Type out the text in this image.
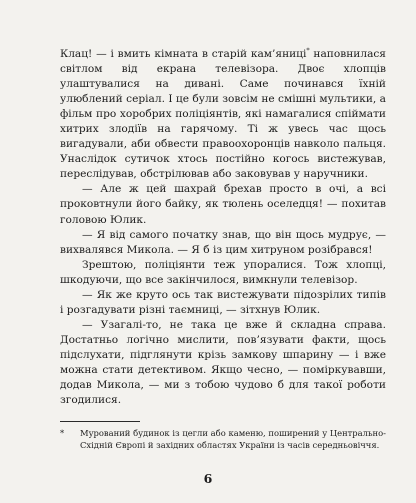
Клац! — і вмить кімната в старій кам’яниці* наповнилася світлом від екрана телевізора. Двоє хлопців улаштувалися на дивані. Саме починався їхній улюблений серіал. І це були зовсім не смішні мультики, а фільм про хоробрих поліціянтів, які намагалися спіймати хитрих злодіїв на гарячому. Ті ж увесь час щось вигадували, аби обвести правоохоронців навколо пальця. Унаслідок сутичок хтось постійно когось вистежував, переслідував, обстрілював або заковував у наручники.

— Але ж цей шахрай брехав просто в очі, а всі проковтнули його байку, як тюлень оселедця! — похитав головою Юлик.

— Я від самого початку знав, що він щось мудрує, — вихвалявся Микола. — Я б із цим хитруном розібрався!

Зрештою, поліціянти теж упоралися. Тож хлопці, шкодуючи, що все закінчилося, вимкнули телевізор.

— Як же круто ось так вистежувати підозрілих типів і розгадувати різні таємниці, — зітхнув Юлик.

— Узагалі-то, не така це вже й складна справа. Достатньо логічно мислити, пов’язувати факти, щось підслухати, підглянути крізь замкову шпарину — і вже можна стати детективом. Якщо чесно, — поміркувавши, додав Микола, — ми з тобою чудово б для такої роботи згодилися.

* Мурований будинок із цегли або каменю, поширений у Центрально-Східній Європі й західних областях України із часів середньовіччя.
6
